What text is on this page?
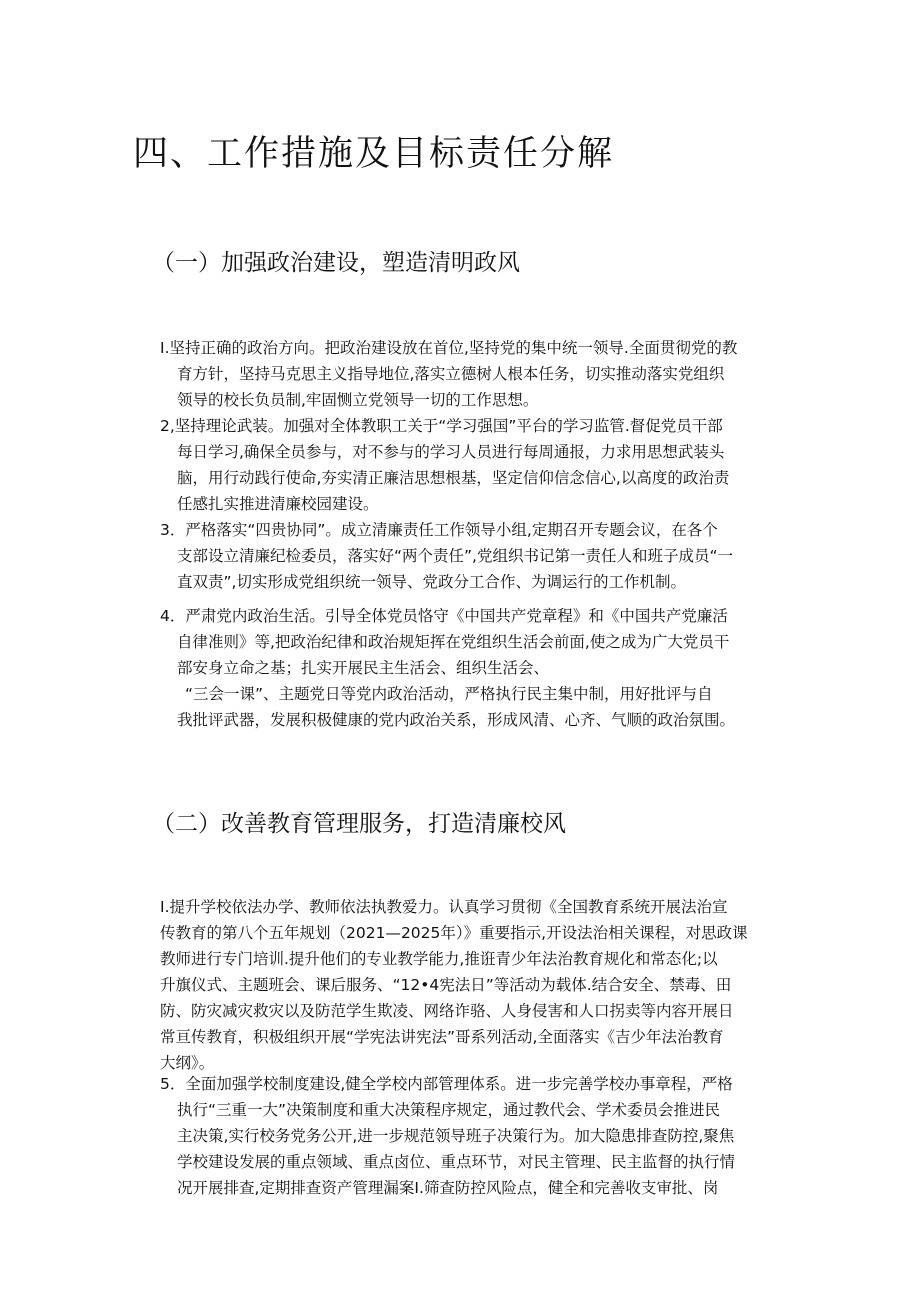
四、工作措施及目标责任分解
（一）加强政治建设，塑造清明政风
I.坚持正确的政治方向。把政治建设放在首位,坚持党的集中统一领导.全面贯彻党的教
育方针，坚持马克思主义指导地位,落实立德树人根本任务，切实推动落实党组织
领导的校长负员制,牢固恻立党领导一切的工作思想。
2,坚持理论武装。加强对全体教职工关于“学习强国”平台的学习监管.督促党员干部
每日学习,确保全员参与，对不参与的学习人员进行每周通报，力求用思想武装头
脑，用行动践行使命,夯实清正廉洁思想根基，坚定信仰信念信心,以高度的政治责
任感扎实推进清廉校园建设。
3．严格落实“四贵协同”。成立清廉责任工作领导小组,定期召开专题会议，在各个
支部设立清廉纪检委员，落实好“两个责任”,党组织书记第一责任人和班子成员“一
直双责”,切实形成党组织统一领导、党政分工合作、为调运行的工作机制。
4．严肃党内政治生活。引导全体党员恪守《中国共产党章程》和《中国共产党廉活
自律准则》等,把政治纪律和政治规矩挥在党组织生活会前面,使之成为广大党员干
部安身立命之基；扎实开展民主生活会、组织生活会、
“三会一课”、主题党日等党内政治活动，严格执行民主集中制，用好批评与自
我批评武器，发展积极健康的党内政治关系，形成风清、心齐、气顺的政治氛围。
（二）改善教育管理服务，打造清廉校风
I.提升学校依法办学、教师依法执教爱力。认真学习贯彻《全国教育系统开展法治宣
传教育的第八个五年规划（2021—2025年）》重要指示,开设法治相关课程，对思政课
教师进行专门培训.提升他们的专业教学能力,推诳青少年法治教育规化和常态化;以
升旗仪式、主题班会、课后服务、“12•4宪法日”等活动为载体.结合安全、禁毒、田
防、防灾减灾救灾以及防范学生欺凌、网络诈骆、人身侵害和人口拐卖等内容开展日
常亘传教育，积极组织开展“学宪法讲宪法”哥系列活动,全面落实《吉少年法治教育
大纲》。
5．全面加强学校制度建设,健全学校内部管理体系。进一步完善学校办事章程，严格
执行“三重一大”决策制度和重大决策程序规定，通过教代会、学术委员会推进民
主决策,实行校务党务公开,进一步规范领导班子决策行为。加大隐患排查防控,聚焦
学校建设发展的重点领域、重点卤位、重点环节，对民主管理、民主监督的执行情
况开展排查,定期排查资产管理漏案I.筛查防控风险点，健全和完善收支审批、岗
